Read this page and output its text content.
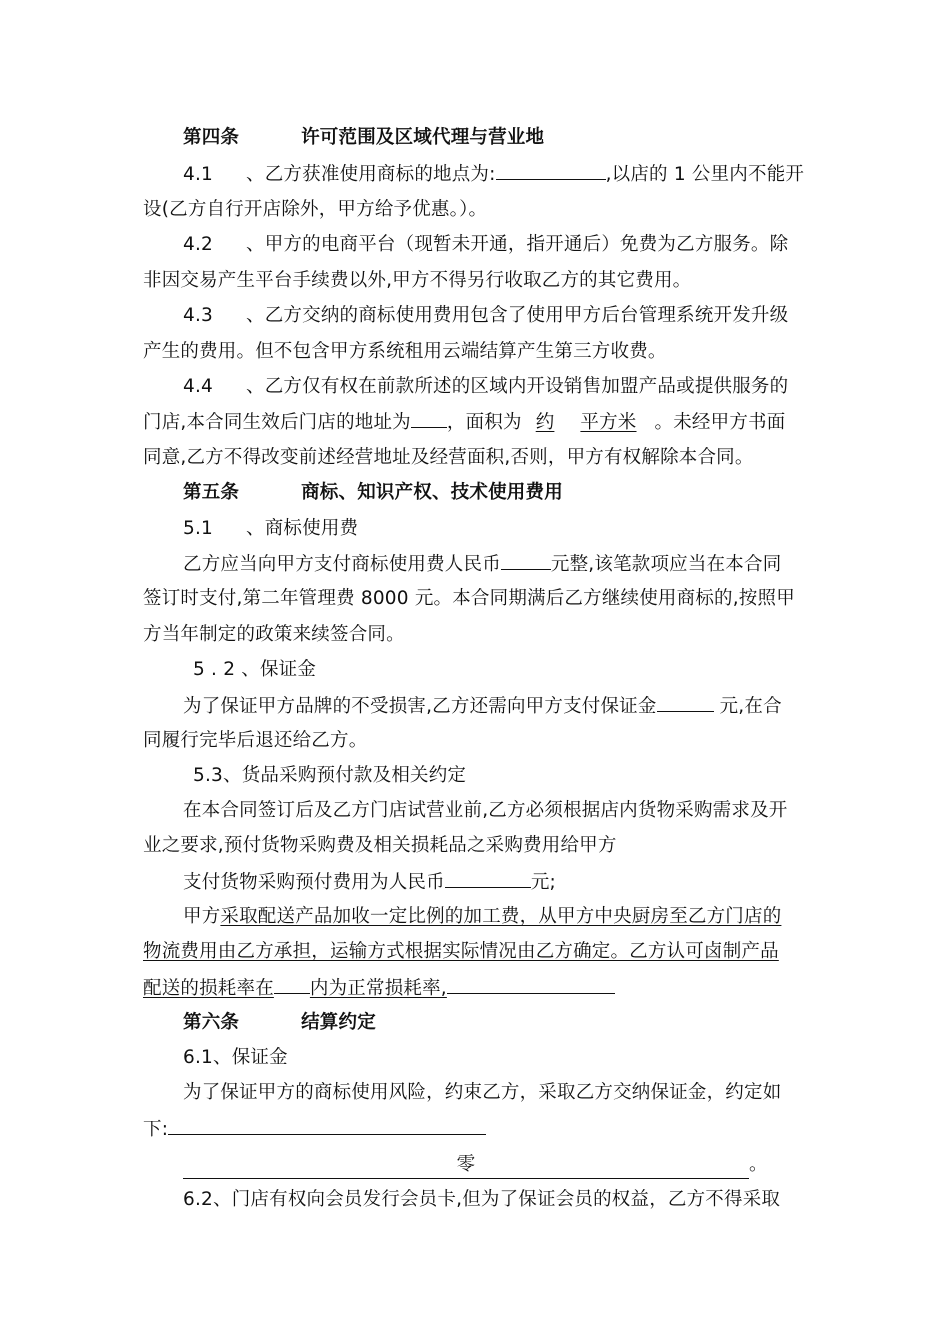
第四条	许可范围及区域代理与营业地
4.1 、乙方获准使用商标的地点为:	,以店的 1 公里内不能开
设(乙方自行开店除外，甲方给予优惠。）。
4.2 、甲方的电商平台（现暂未开通，指开通后）免费为乙方服务。除
非因交易产生平台手续费以外,甲方不得另行收取乙方的其它费用。
4.3 、乙方交纳的商标使用费用包含了使用甲方后台管理系统开发升级
产生的费用。但不包含甲方系统租用云端结算产生第三方收费。
4.4 、乙方仅有权在前款所述的区域内开设销售加盟产品或提供服务的
门店,本合同生效后门店的地址为 ，面积为 约 平方米 。未经甲方书面
同意,乙方不得改变前述经营地址及经营面积,否则，甲方有权解除本合同。
第五条	商标、知识产权、技术使用费用
5.1 、商标使用费
乙方应当向甲方支付商标使用费人民币	元整,该笔款项应当在本合同
签订时支付,第二年管理费 8000 元。本合同期满后乙方继续使用商标的,按照甲
方当年制定的政策来续签合同。
5 . 2 、保证金
为了保证甲方品牌的不受损害,乙方还需向甲方支付保证金	元,在合
同履行完毕后退还给乙方。
5.3、货品采购预付款及相关约定
在本合同签订后及乙方门店试营业前,乙方必须根据店内货物采购需求及开
业之要求,预付货物采购费及相关损耗品之采购费用给甲方
支付货物采购预付费用为人民币	元;
甲方采取配送产品加收一定比例的加工费，从甲方中央厨房至乙方门店的
物流费用由乙方承担，运输方式根据实际情况由乙方确定。乙方认可卤制产品
配送的损耗率在 内为正常损耗率,
第六条	结算约定
6.1、保证金
为了保证甲方的商标使用风险，约束乙方，采取乙方交纳保证金，约定如
下:
零	。
6.2、门店有权向会员发行会员卡,但为了保证会员的权益，乙方不得采取
